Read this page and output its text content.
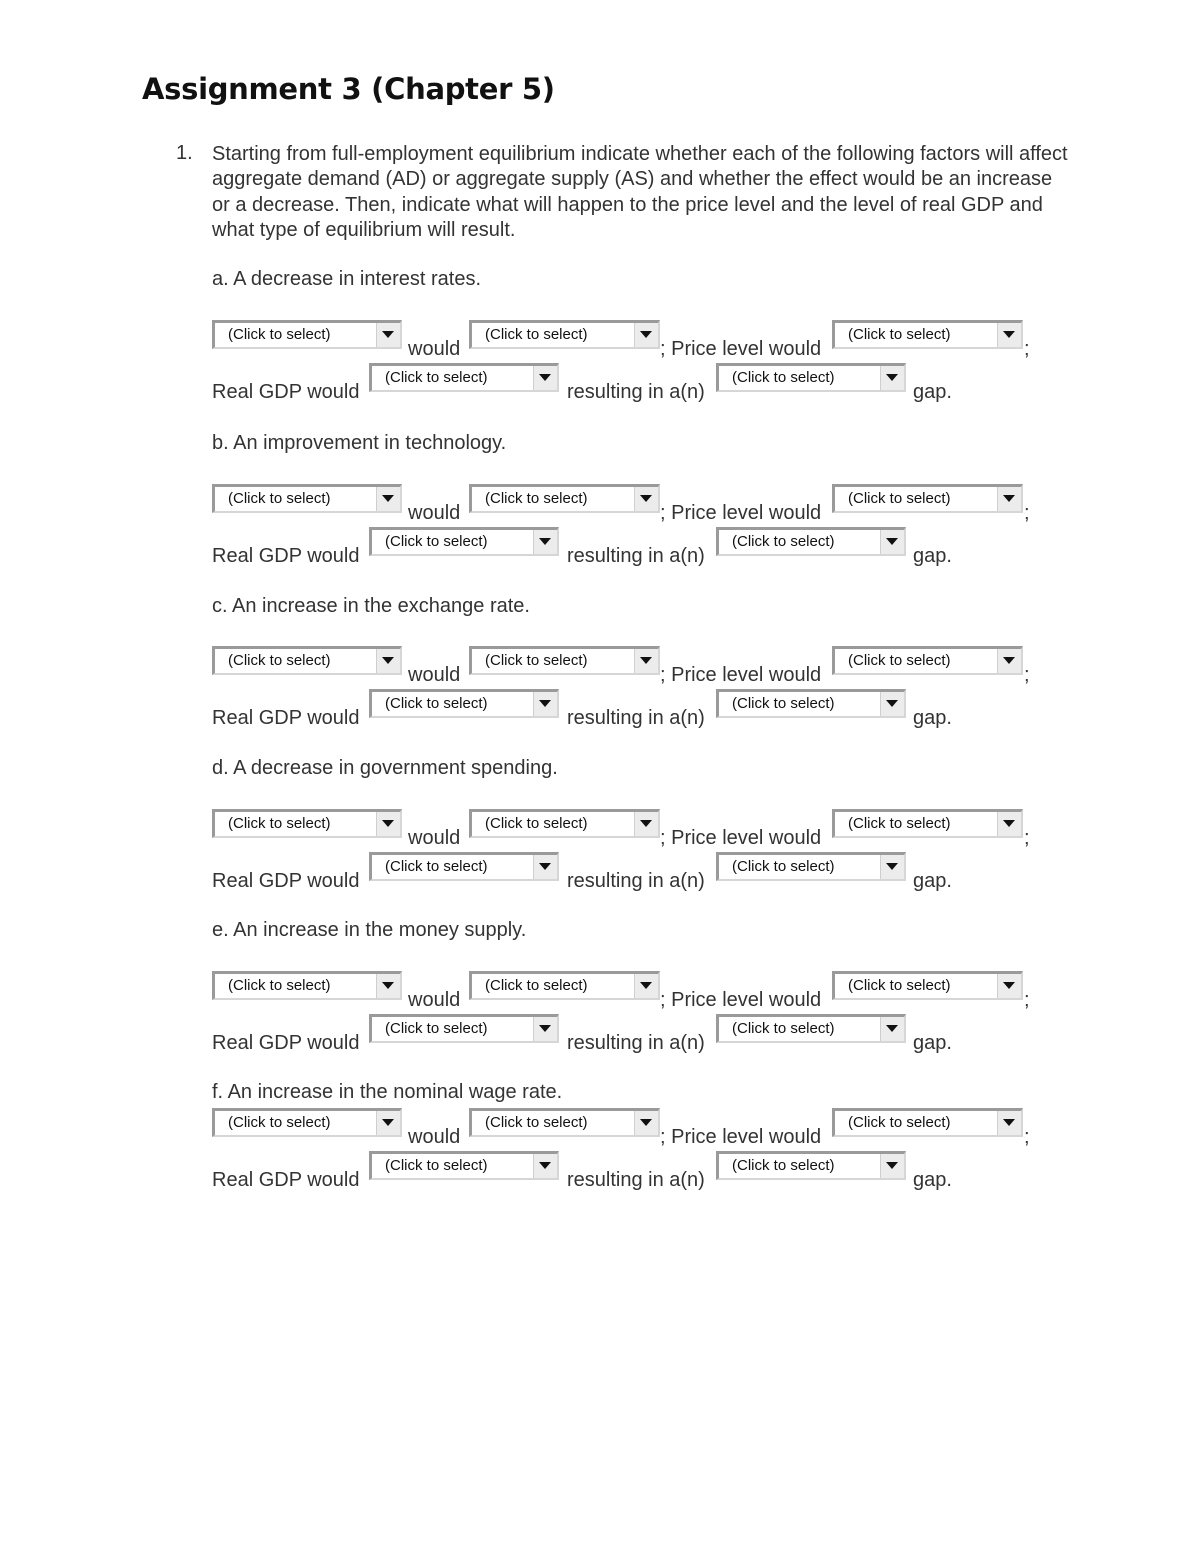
Assignment 3 (Chapter 5)
1. Starting from full-employment equilibrium indicate whether each of the following factors will affect aggregate demand (AD) or aggregate supply (AS) and whether the effect would be an increase or a decrease. Then, indicate what will happen to the price level and the level of real GDP and what type of equilibrium will result.

a. A decrease in interest rates.

(Click to select)
would
(Click to select)
; Price level would
(Click to select)
;
Real GDP would
(Click to select)
resulting in a(n)
(Click to select)
gap.

b. An improvement in technology.

(Click to select)
would
(Click to select)
; Price level would
(Click to select)
;
Real GDP would
(Click to select)
resulting in a(n)
(Click to select)
gap.

c. An increase in the exchange rate.

(Click to select)
would
(Click to select)
; Price level would
(Click to select)
;
Real GDP would
(Click to select)
resulting in a(n)
(Click to select)
gap.

d. A decrease in government spending.

(Click to select)
would
(Click to select)
; Price level would
(Click to select)
;
Real GDP would
(Click to select)
resulting in a(n)
(Click to select)
gap.

e. An increase in the money supply.

(Click to select)
would
(Click to select)
; Price level would
(Click to select)
;
Real GDP would
(Click to select)
resulting in a(n)
(Click to select)
gap.

f. An increase in the nominal wage rate.

(Click to select)
would
(Click to select)
; Price level would
(Click to select)
;
Real GDP would
(Click to select)
resulting in a(n)
(Click to select)
gap.
